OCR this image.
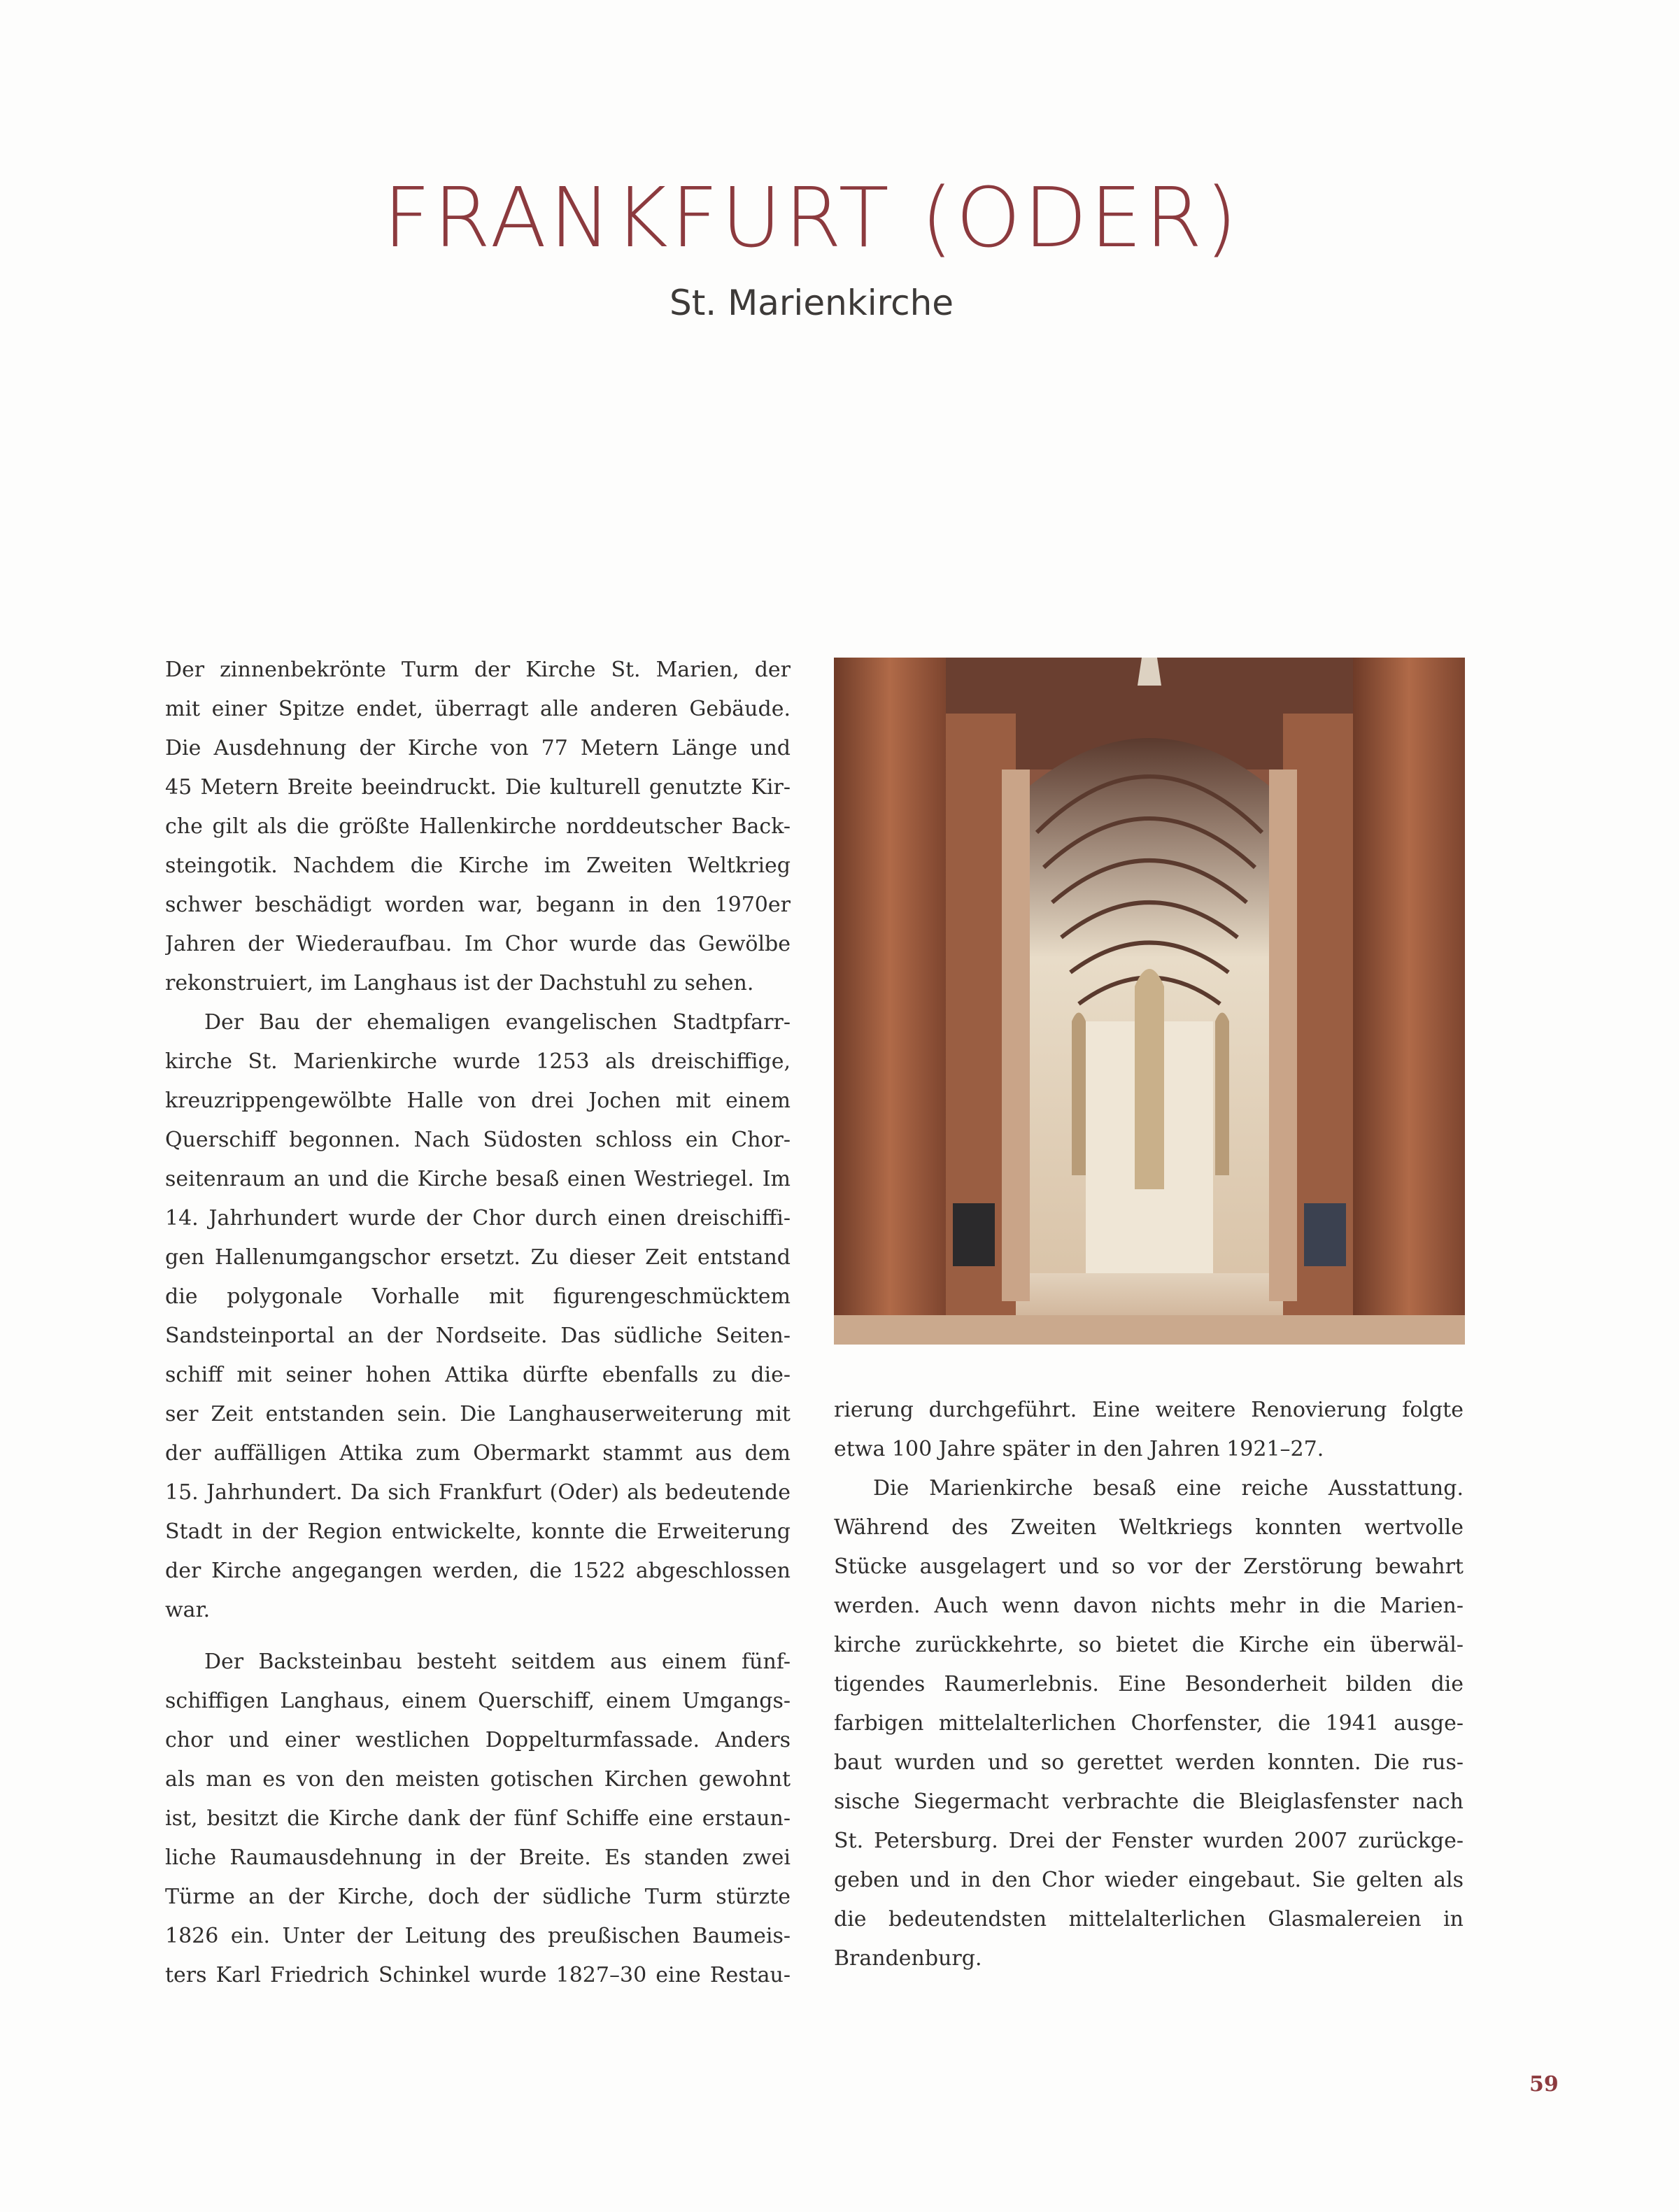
FRANKFURT (ODER)
St. Marienkirche
Der zinnenbekrönte Turm der Kirche St. Marien, der
mit einer Spitze endet, überragt alle anderen Gebäude.
Die Ausdehnung der Kirche von 77 Metern Länge und
45 Metern Breite beeindruckt. Die kulturell genutzte Kir-
che gilt als die größte Hallenkirche norddeutscher Back-
steingotik. Nachdem die Kirche im Zweiten Weltkrieg
schwer beschädigt worden war, begann in den 1970er
Jahren der Wiederaufbau. Im Chor wurde das Gewölbe
rekonstruiert, im Langhaus ist der Dachstuhl zu sehen.
Der Bau der ehemaligen evangelischen Stadtpfarr-
kirche St. Marienkirche wurde 1253 als dreischiffige,
kreuzrippengewölbte Halle von drei Jochen mit einem
Querschiff begonnen. Nach Südosten schloss ein Chor-
seitenraum an und die Kirche besaß einen Westriegel. Im
14. Jahrhundert wurde der Chor durch einen dreischiffi-
gen Hallenumgangschor ersetzt. Zu dieser Zeit entstand
die polygonale Vorhalle mit figurengeschmücktem
Sandsteinportal an der Nordseite. Das südliche Seiten-
schiff mit seiner hohen Attika dürfte ebenfalls zu die-
ser Zeit entstanden sein. Die Langhauserweiterung mit
der auffälligen Attika zum Obermarkt stammt aus dem
15. Jahrhundert. Da sich Frankfurt (Oder) als bedeutende
Stadt in der Region entwickelte, konnte die Erweiterung
der Kirche angegangen werden, die 1522 abgeschlossen
war.
Der Backsteinbau besteht seitdem aus einem fünf-
schiffigen Langhaus, einem Querschiff, einem Umgangs-
chor und einer westlichen Doppelturmfassade. Anders
als man es von den meisten gotischen Kirchen gewohnt
ist, besitzt die Kirche dank der fünf Schiffe eine erstaun-
liche Raumausdehnung in der Breite. Es standen zwei
Türme an der Kirche, doch der südliche Turm stürzte
1826 ein. Unter der Leitung des preußischen Baumeis-
ters Karl Friedrich Schinkel wurde 1827–30 eine Restau-
rierung durchgeführt. Eine weitere Renovierung folgte
etwa 100 Jahre später in den Jahren 1921–27.
Die Marienkirche besaß eine reiche Ausstattung.
Während des Zweiten Weltkriegs konnten wertvolle
Stücke ausgelagert und so vor der Zerstörung bewahrt
werden. Auch wenn davon nichts mehr in die Marien-
kirche zurückkehrte, so bietet die Kirche ein überwäl-
tigendes Raumerlebnis. Eine Besonderheit bilden die
farbigen mittelalterlichen Chorfenster, die 1941 ausge-
baut wurden und so gerettet werden konnten. Die rus-
sische Siegermacht verbrachte die Bleiglasfenster nach
St. Petersburg. Drei der Fenster wurden 2007 zurückge-
geben und in den Chor wieder eingebaut. Sie gelten als
die bedeutendsten mittelalterlichen Glasmalereien in
Brandenburg.
59
